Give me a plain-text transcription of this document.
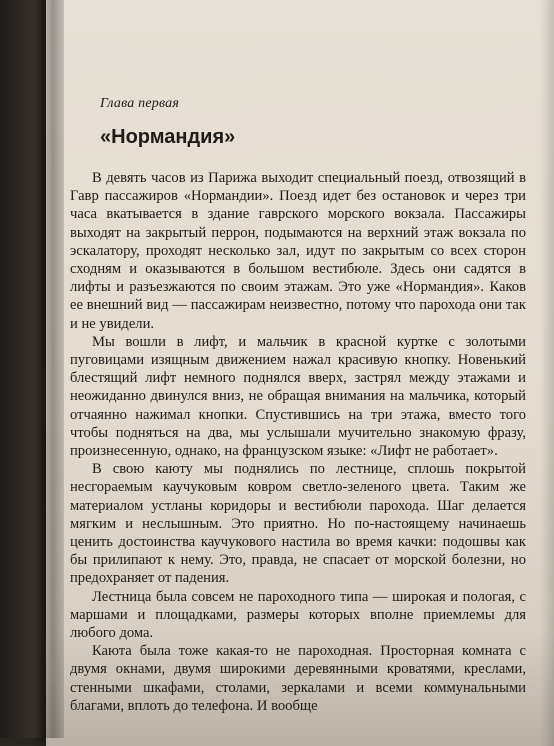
Глава первая
«Нормандия»

В девять часов из Парижа выходит специальный поезд, отвозящий в Гавр пассажиров «Нормандии». Поезд идет без остановок и через три часа вкатывается в здание гаврского морского вокзала. Пассажиры выходят на закрытый перрон, подымаются на верхний этаж вокзала по эскалатору, проходят несколько зал, идут по закрытым со всех сторон сходням и оказываются в большом вестибюле. Здесь они садятся в лифты и разъезжаются по своим этажам. Это уже «Нормандия». Каков ее внешний вид — пассажирам неизвестно, потому что парохода они так и не увидели.

Мы вошли в лифт, и мальчик в красной куртке с золотыми пуговицами изящным движением нажал красивую кнопку. Новенький блестящий лифт немного поднялся вверх, застрял между этажами и неожиданно двинулся вниз, не обращая внимания на мальчика, который отчаянно нажимал кнопки. Спустившись на три этажа, вместо того чтобы подняться на два, мы услышали мучительно знакомую фразу, произнесенную, однако, на французском языке: «Лифт не работает».

В свою каюту мы поднялись по лестнице, сплошь покрытой несгораемым каучуковым ковром светло-зеленого цвета. Таким же материалом устланы коридоры и вестибюли парохода. Шаг делается мягким и неслышным. Это приятно. Но по-настоящему начинаешь ценить достоинства каучукового настила во время качки: подошвы как бы прилипают к нему. Это, правда, не спасает от морской болезни, но предохраняет от падения.

Лестница была совсем не пароходного типа — широкая и пологая, с маршами и площадками, размеры которых вполне приемлемы для любого дома.

Каюта была тоже какая-то не пароходная. Просторная комната с двумя окнами, двумя широкими деревянными кроватями, креслами, стенными шкафами, столами, зеркалами и всеми коммунальными благами, вплоть до телефона. И вообще
